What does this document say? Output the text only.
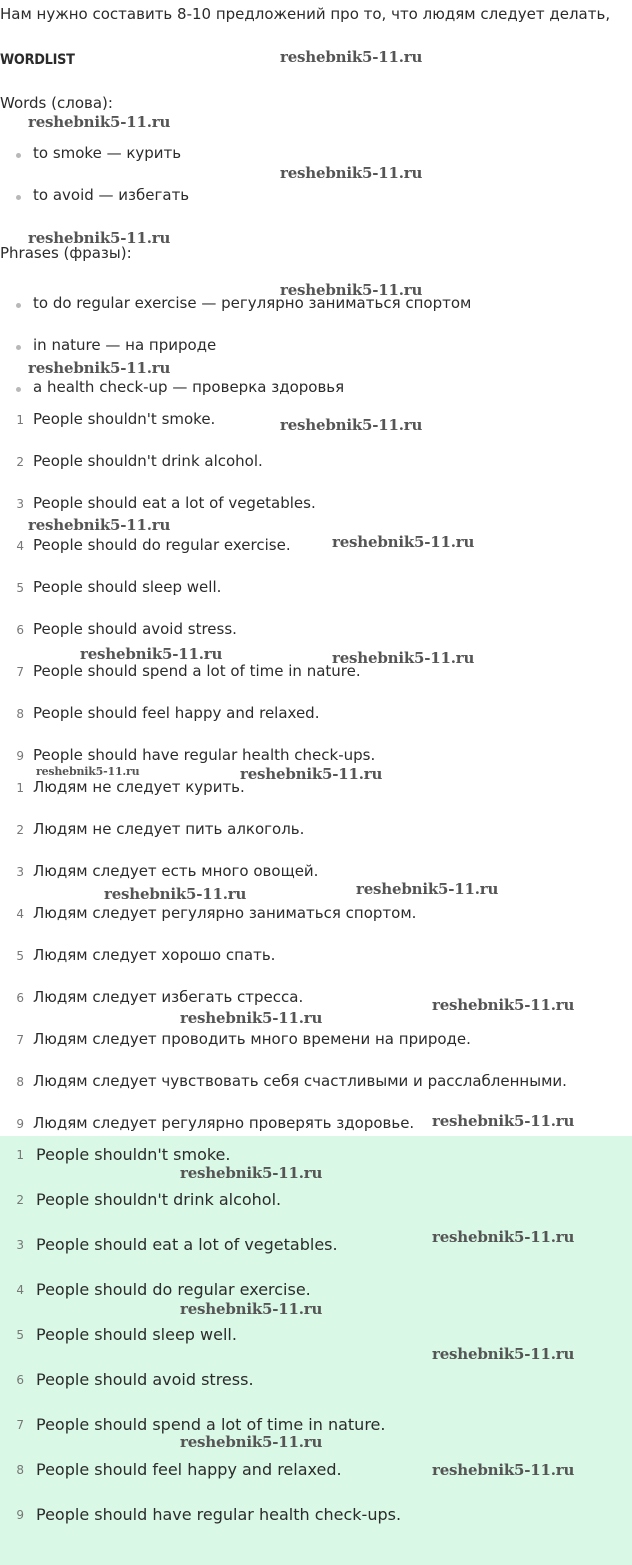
Нам нужно составить 8-10 предложений про то, что людям следует делать,
WORDLIST
Words (слова):
to smoke — курить
to avoid — избегать
Phrases (фразы):
to do regular exercise — регулярно заниматься спортом
in nature — на природе
a health check-up — проверка здоровья
1 People shouldn't smoke.
2 People shouldn't drink alcohol.
3 People should eat a lot of vegetables.
4 People should do regular exercise.
5 People should sleep well.
6 People should avoid stress.
7 People should spend a lot of time in nature.
8 People should feel happy and relaxed.
9 People should have regular health check-ups.
1 Людям не следует курить.
2 Людям не следует пить алкоголь.
3 Людям следует есть много овощей.
4 Людям следует регулярно заниматься спортом.
5 Людям следует хорошо спать.
6 Людям следует избегать стресса.
7 Людям следует проводить много времени на природе.
8 Людям следует чувствовать себя счастливыми и расслабленными.
9 Людям следует регулярно проверять здоровье.
1 People shouldn't smoke.
2 People shouldn't drink alcohol.
3 People should eat a lot of vegetables.
4 People should do regular exercise.
5 People should sleep well.
6 People should avoid stress.
7 People should spend a lot of time in nature.
8 People should feel happy and relaxed.
9 People should have regular health check-ups.
reshebnik5-11.ru
reshebnik5-11.ru
reshebnik5-11.ru
reshebnik5-11.ru
reshebnik5-11.ru
reshebnik5-11.ru
reshebnik5-11.ru
reshebnik5-11.ru
reshebnik5-11.ru
reshebnik5-11.ru	reshebnik5-11.ru
reshebnik5-11.ru	reshebnik5-11.ru
reshebnik5-11.ru	reshebnik5-11.ru
reshebnik5-11.ru
reshebnik5-11.ru
reshebnik5-11.ru
reshebnik5-11.ru
reshebnik5-11.ru
reshebnik5-11.ru
reshebnik5-11.ru
reshebnik5-11.ru
reshebnik5-11.ru
